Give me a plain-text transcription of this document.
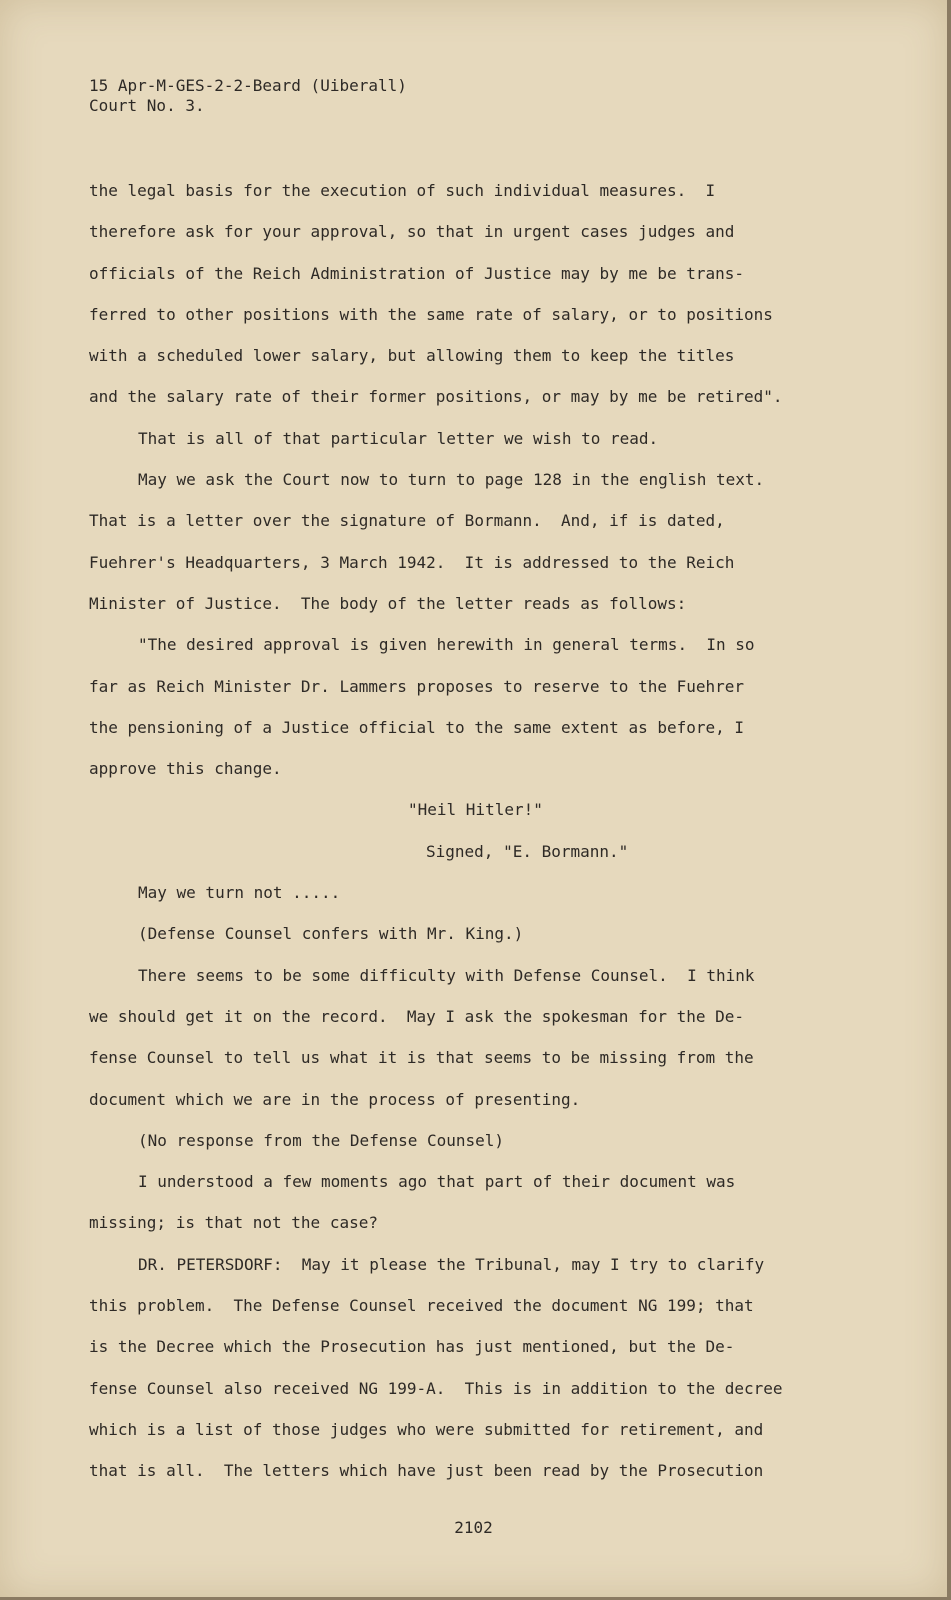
15 Apr-M-GES-2-2-Beard (Uiberall)
Court No. 3.
the legal basis for the execution of such individual measures.  I
therefore ask for your approval, so that in urgent cases judges and
officials of the Reich Administration of Justice may by me be trans-
ferred to other positions with the same rate of salary, or to positions
with a scheduled lower salary, but allowing them to keep the titles
and the salary rate of their former positions, or may by me be retired".
That is all of that particular letter we wish to read.
May we ask the Court now to turn to page 128 in the english text.
That is a letter over the signature of Bormann.  And, if is dated,
Fuehrer's Headquarters, 3 March 1942.  It is addressed to the Reich
Minister of Justice.  The body of the letter reads as follows:
"The desired approval is given herewith in general terms.  In so
far as Reich Minister Dr. Lammers proposes to reserve to the Fuehrer
the pensioning of a Justice official to the same extent as before, I
approve this change.
"Heil Hitler!"
Signed, "E. Bormann."
May we turn not .....
(Defense Counsel confers with Mr. King.)
There seems to be some difficulty with Defense Counsel.  I think
we should get it on the record.  May I ask the spokesman for the De-
fense Counsel to tell us what it is that seems to be missing from the
document which we are in the process of presenting.
(No response from the Defense Counsel)
I understood a few moments ago that part of their document was
missing; is that not the case?
DR. PETERSDORF:  May it please the Tribunal, may I try to clarify
this problem.  The Defense Counsel received the document NG 199; that
is the Decree which the Prosecution has just mentioned, but the De-
fense Counsel also received NG 199-A.  This is in addition to the decree
which is a list of those judges who were submitted for retirement, and
that is all.  The letters which have just been read by the Prosecution
2102
